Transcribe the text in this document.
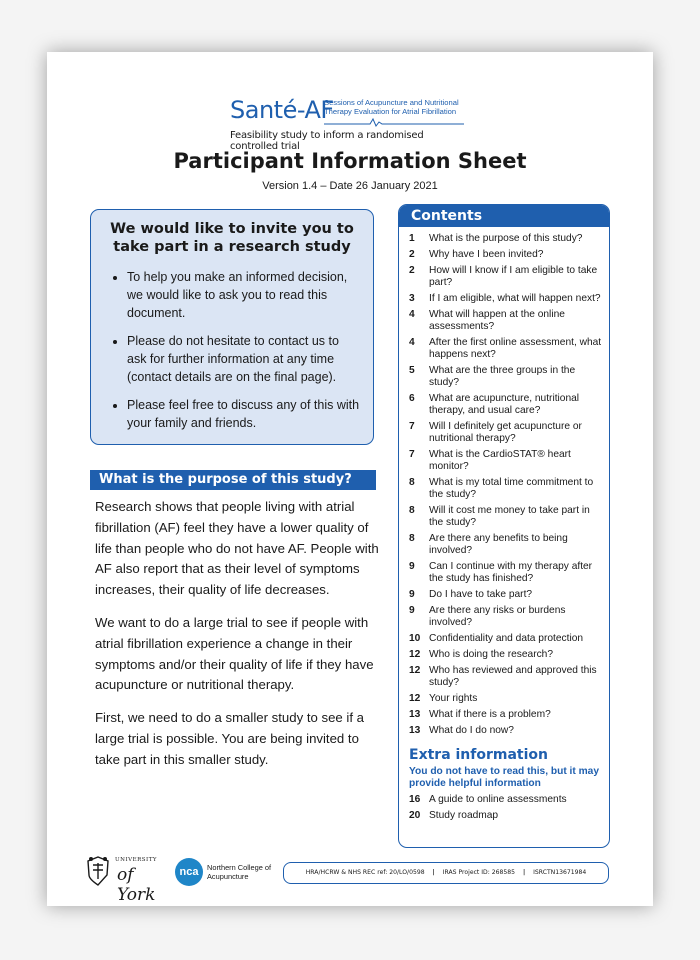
Santé-AF
Sessions of Acupuncture and Nutritional Therapy Evaluation for Atrial Fibrillation
Feasibility study to inform a randomised controlled trial
Participant Information Sheet
Version 1.4 – Date 26 January 2021
We would like to invite you to take part in a research study
• To help you make an informed decision, we would like to ask you to read this document.
• Please do not hesitate to contact us to ask for further information at any time (contact details are on the final page).
• Please feel free to discuss any of this with your family and friends.
What is the purpose of this study?

Research shows that people living with atrial fibrillation (AF) feel they have a lower quality of life than people who do not have AF. People with AF also report that as their level of symptoms increases, their quality of life decreases.

We want to do a large trial to see if people with atrial fibrillation experience a change in their symptoms and/or their quality of life if they have acupuncture or nutritional therapy.

First, we need to do a smaller study to see if a large trial is possible. You are being invited to take part in this smaller study.

Contents
1	What is the purpose of this study?
2	Why have I been invited?
2	How will I know if I am eligible to take part?
3	If I am eligible, what will happen next?
4	What will happen at the online assessments?
4	After the first online assessment, what happens next?
5	What are the three groups in the study?
6	What are acupuncture, nutritional therapy, and usual care?
7	Will I definitely get acupuncture or nutritional therapy?
7	What is the CardioSTAT® heart monitor?
8	What is my total time commitment to the study?
8	Will it cost me money to take part in the study?
8	Are there any benefits to being involved?
9	Can I continue with my therapy after the study has finished?
9	Do I have to take part?
9	Are there any risks or burdens involved?
10 Confidentiality and data protection
12 Who is doing the research?
12 Who has reviewed and approved this study?
12 Your rights
13 What if there is a problem?
13 What do I do now?
Extra information
You do not have to read this, but it may provide helpful information
16 A guide to online assessments
20 Study roadmap
UNIVERSITY
of York
nca	Northern College of Acupuncture	HRA/HCRW & NHS REC ref: 20/LO/0598 | IRAS Project ID: 268585 | ISRCTN13671984
